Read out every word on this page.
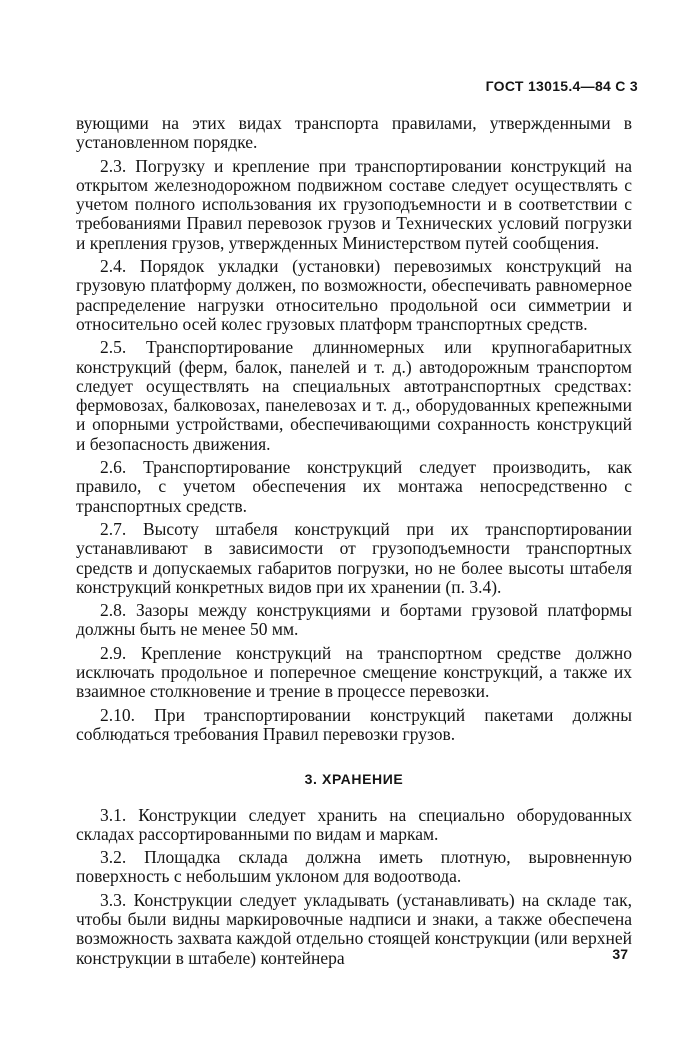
ГОСТ 13015.4—84 С 3

вующими на этих видах транспорта правилами, утвержденными в установленном порядке.

2.3. Погрузку и крепление при транспортировании конструкций на открытом железнодорожном подвижном составе следует осуществлять с учетом полного использования их грузоподъемности и в соответствии с требованиями Правил перевозок грузов и Технических условий погрузки и крепления грузов, утвержденных Министерством путей сообщения.

2.4. Порядок укладки (установки) перевозимых конструкций на грузовую платформу должен, по возможности, обеспечивать равномерное распределение нагрузки относительно продольной оси симметрии и относительно осей колес грузовых платформ транспортных средств.

2.5. Транспортирование длинномерных или крупногабаритных конструкций (ферм, балок, панелей и т. д.) автодорожным транспортом следует осуществлять на специальных автотранспортных средствах: фермовозах, балковозах, панелевозах и т. д., оборудованных крепежными и опорными устройствами, обеспечивающими сохранность конструкций и безопасность движения.

2.6. Транспортирование конструкций следует производить, как правило, с учетом обеспечения их монтажа непосредственно с транспортных средств.

2.7. Высоту штабеля конструкций при их транспортировании устанавливают в зависимости от грузоподъемности транспортных средств и допускаемых габаритов погрузки, но не более высоты штабеля конструкций конкретных видов при их хранении (п. 3.4).

2.8. Зазоры между конструкциями и бортами грузовой платформы должны быть не менее 50 мм.

2.9. Крепление конструкций на транспортном средстве должно исключать продольное и поперечное смещение конструкций, а также их взаимное столкновение и трение в процессе перевозки.

2.10. При транспортировании конструкций пакетами должны соблюдаться требования Правил перевозки грузов.

3. ХРАНЕНИЕ

3.1. Конструкции следует хранить на специально оборудованных складах рассортированными по видам и маркам.

3.2. Площадка склада должна иметь плотную, выровненную поверхность с небольшим уклоном для водоотвода.

3.3. Конструкции следует укладывать (устанавливать) на складе так, чтобы были видны маркировочные надписи и знаки, а также обеспечена возможность захвата каждой отдельно стоящей конструкции (или верхней конструкции в штабеле) контейнера	37
